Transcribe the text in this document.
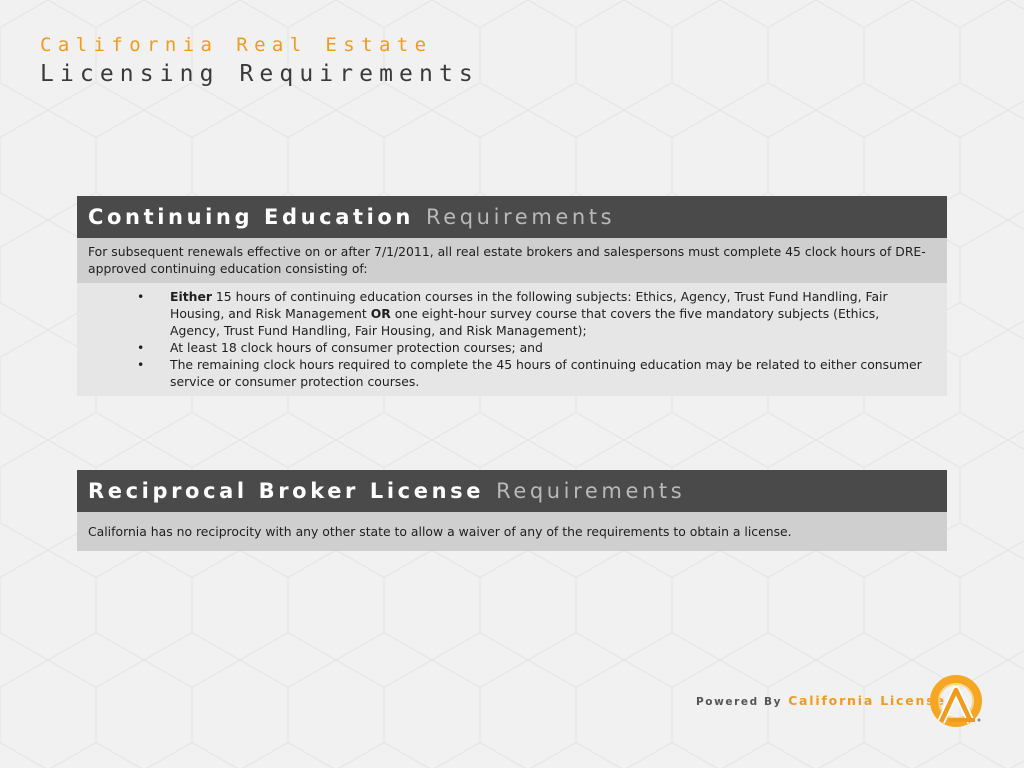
California Real Estate
Licensing Requirements
Continuing Education Requirements
For subsequent renewals effective on or after 7/1/2011, all real estate brokers and salespersons must complete 45 clock hours of DRE-approved continuing education consisting of:
• Either 15 hours of continuing education courses in the following subjects: Ethics, Agency, Trust Fund Handling, Fair Housing, and Risk Management OR one eight-hour survey course that covers the five mandatory subjects (Ethics, Agency, Trust Fund Handling, Fair Housing, and Risk Management);
• At least 18 clock hours of consumer protection courses; and
• The remaining clock hours required to complete the 45 hours of continuing education may be related to either consumer service or consumer protection courses.
Reciprocal Broker License Requirements
California has no reciprocity with any other state to allow a waiver of any of the requirements to obtain a license.
Powered By California License
